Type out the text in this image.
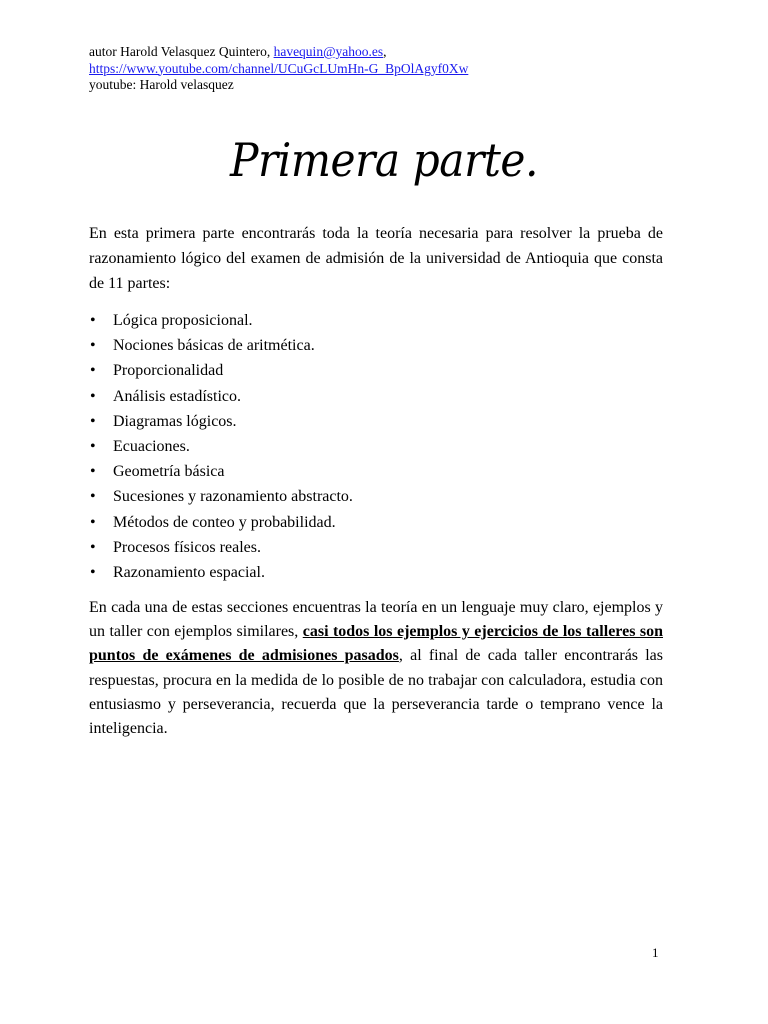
autor Harold Velasquez Quintero, havequin@yahoo.es,
https://www.youtube.com/channel/UCuGcLUmHn-G_BpOlAgyf0Xw
youtube: Harold velasquez
Primera parte.
En esta primera parte encontrarás toda la teoría necesaria para resolver la prueba de razonamiento lógico del examen de admisión de la universidad de Antioquia que consta de 11 partes:
• Lógica proposicional.
• Nociones básicas de aritmética.
• Proporcionalidad
• Análisis estadístico.
• Diagramas lógicos.
• Ecuaciones.
• Geometría básica
• Sucesiones y razonamiento abstracto.
• Métodos de conteo y probabilidad.
• Procesos físicos reales.
• Razonamiento espacial.
En cada una de estas secciones encuentras la teoría en un lenguaje muy claro, ejemplos y un taller con ejemplos similares, casi todos los ejemplos y ejercicios de los talleres son puntos de exámenes de admisiones pasados, al final de cada taller encontrarás las respuestas, procura en la medida de lo posible de no trabajar con calculadora, estudia con entusiasmo y perseverancia, recuerda que la perseverancia tarde o temprano vence la inteligencia.
1
